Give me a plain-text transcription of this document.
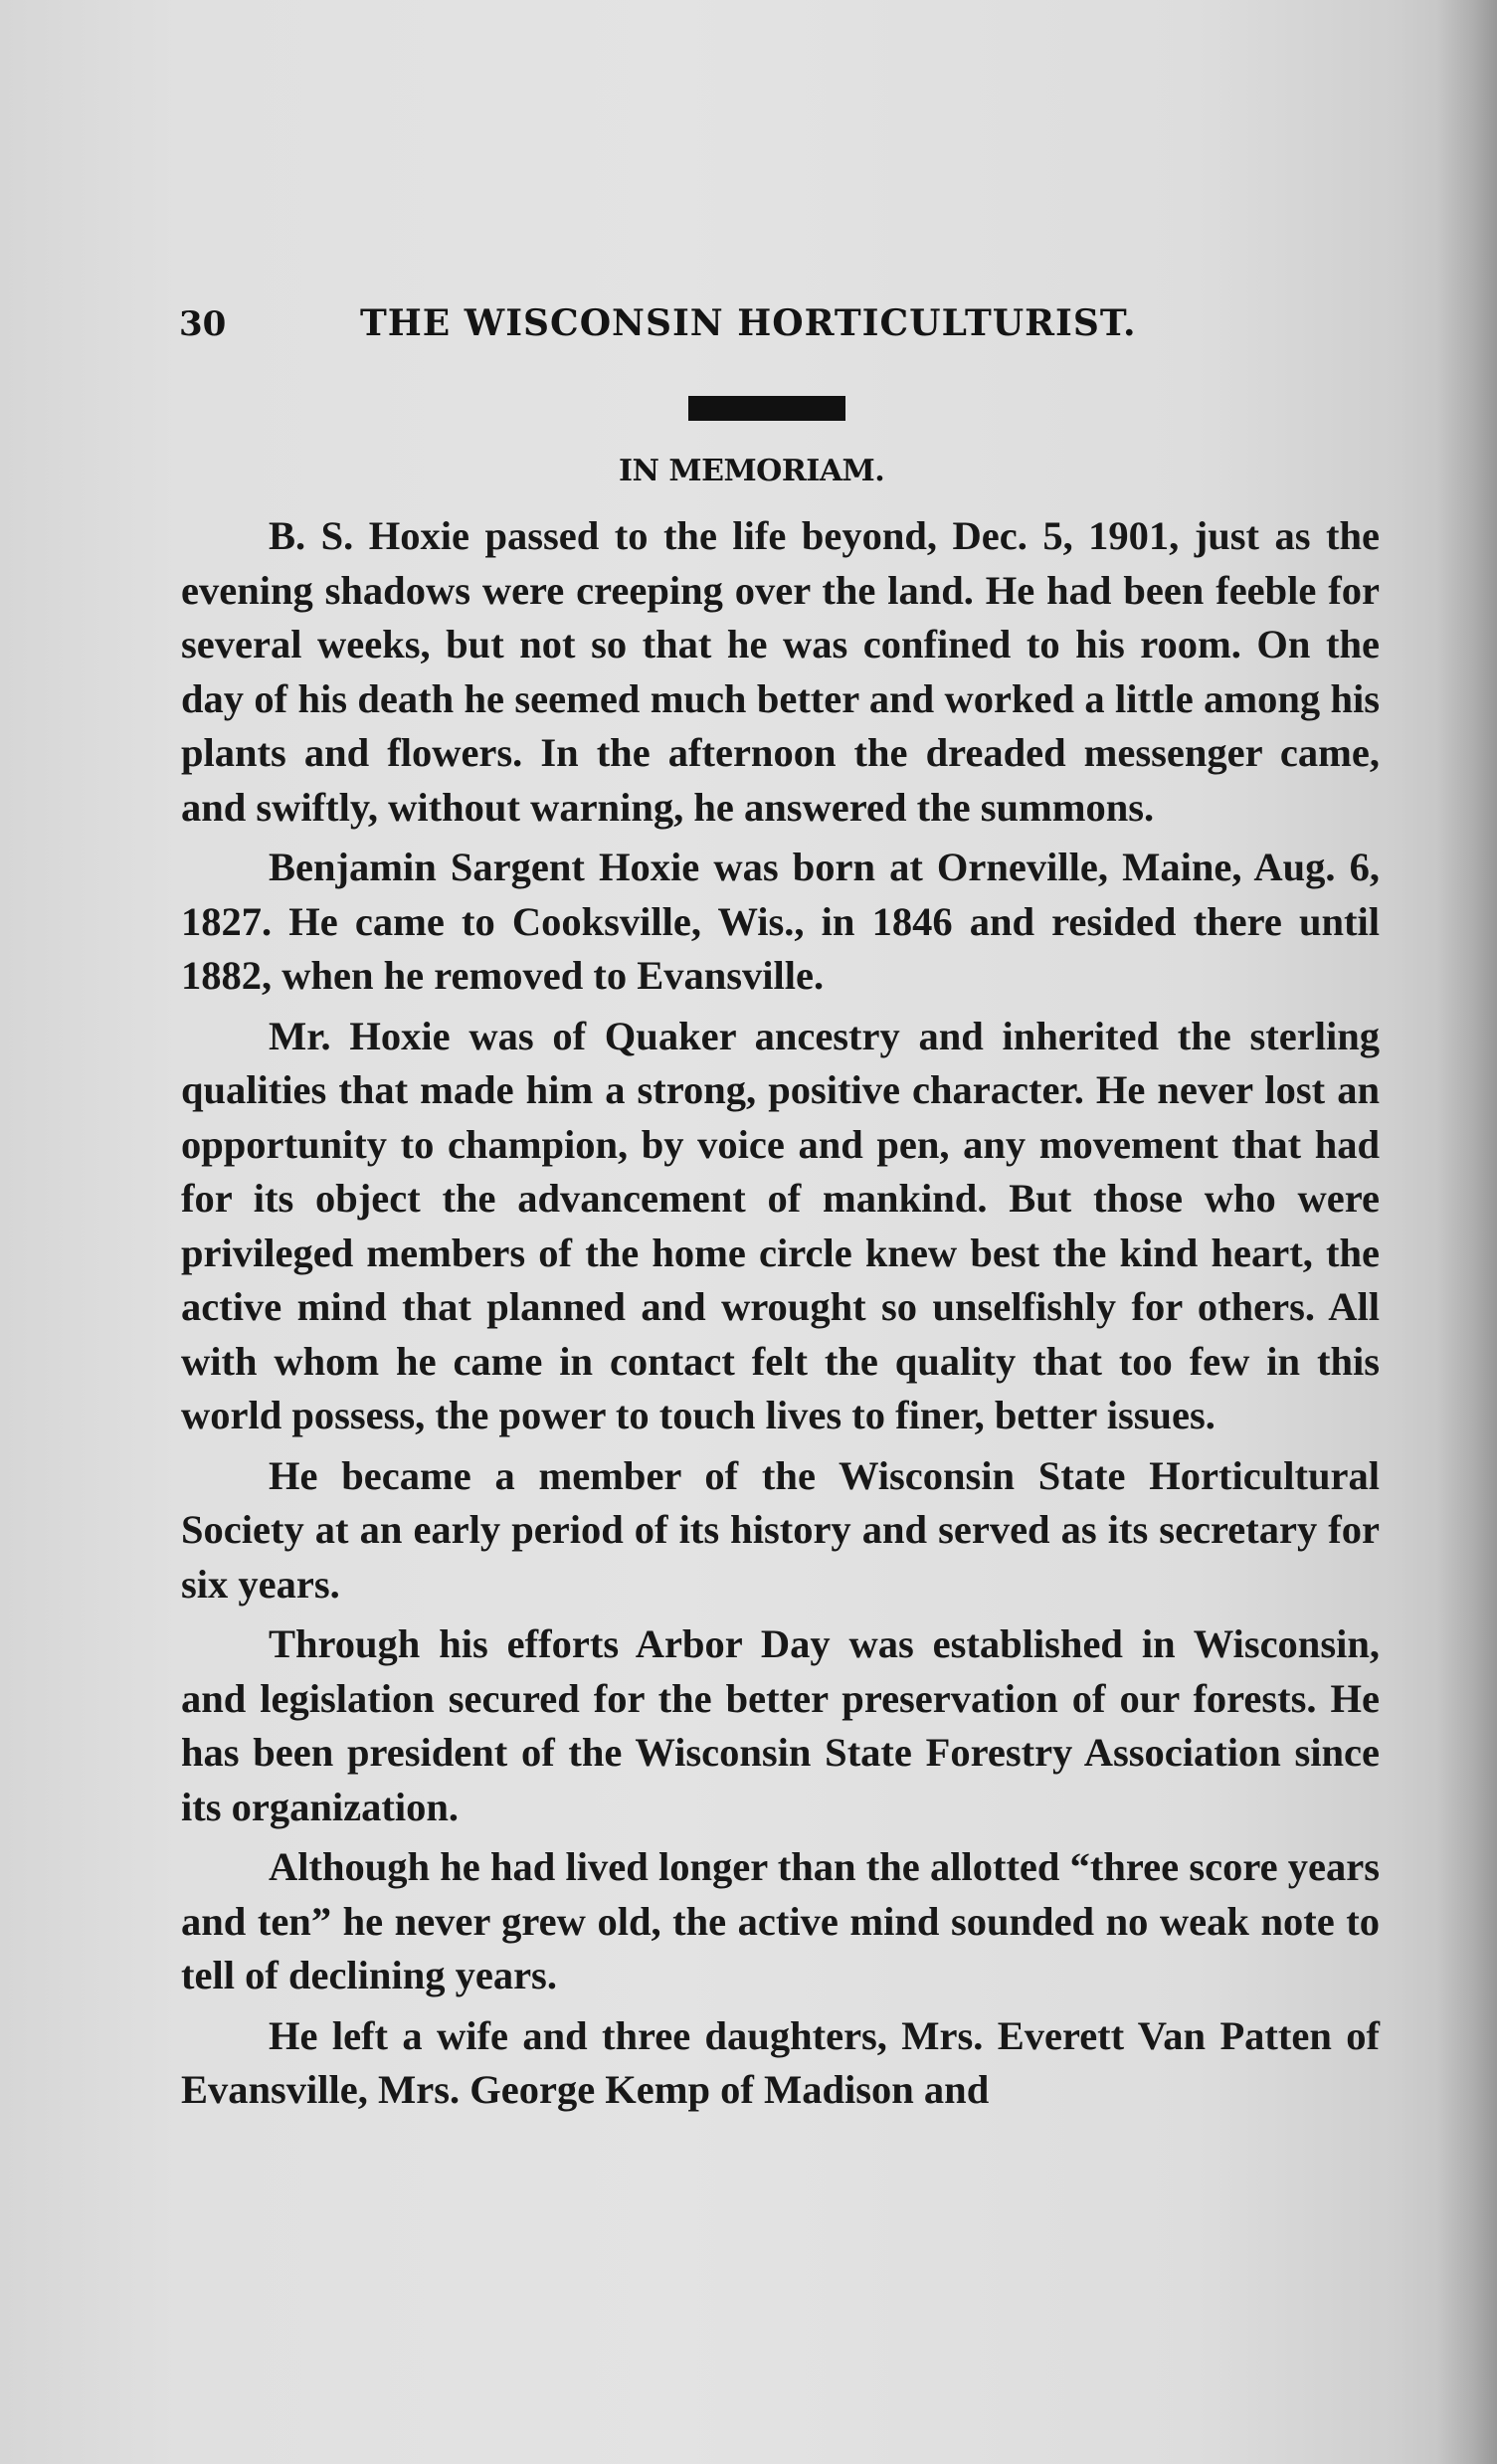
30	THE WISCONSIN HORTICULTURIST.
IN MEMORIAM.

B. S. Hoxie passed to the life beyond, Dec. 5, 1901, just as the evening shadows were creeping over the land. He had been feeble for several weeks, but not so that he was confined to his room. On the day of his death he seemed much better and worked a little among his plants and flowers. In the afternoon the dreaded messenger came, and swiftly, without warning, he answered the summons.

Benjamin Sargent Hoxie was born at Orneville, Maine, Aug. 6, 1827. He came to Cooksville, Wis., in 1846 and resided there until 1882, when he removed to Evansville.

Mr. Hoxie was of Quaker ancestry and inherited the sterling qualities that made him a strong, positive character. He never lost an opportunity to champion, by voice and pen, any movement that had for its object the advancement of mankind. But those who were privileged members of the home circle knew best the kind heart, the active mind that planned and wrought so unselfishly for others. All with whom he came in contact felt the quality that too few in this world possess, the power to touch lives to finer, better issues.

He became a member of the Wisconsin State Horticultural Society at an early period of its history and served as its secretary for six years.

Through his efforts Arbor Day was established in Wisconsin, and legislation secured for the better preservation of our forests. He has been president of the Wisconsin State Forestry Association since its organization.

Although he had lived longer than the allotted “three score years and ten” he never grew old, the active mind sounded no weak note to tell of declining years.

He left a wife and three daughters, Mrs. Everett Van Patten of Evansville, Mrs. George Kemp of Madison and
